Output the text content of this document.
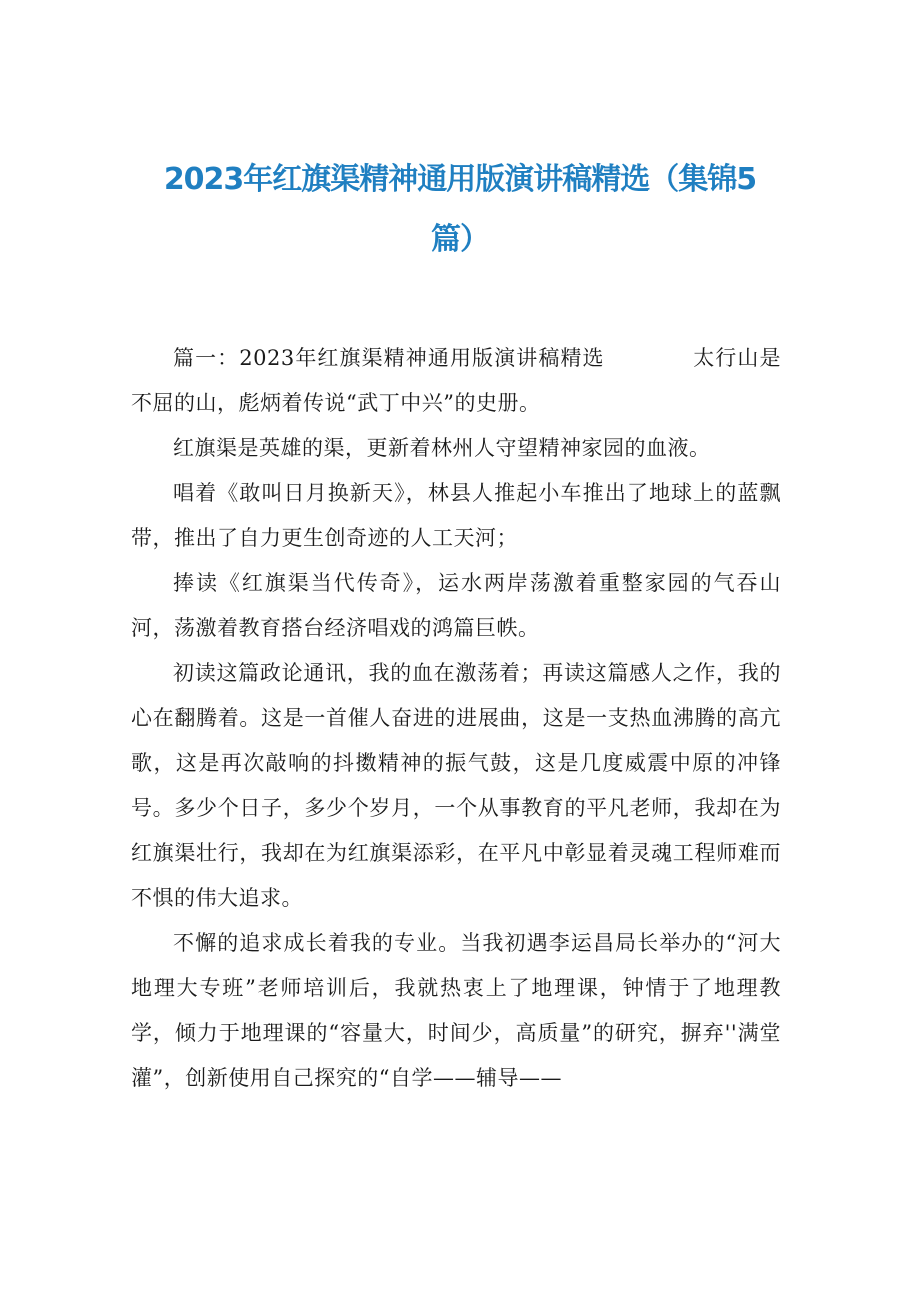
2023年红旗渠精神通用版演讲稿精选（集锦5
篇）

篇一：2023年红旗渠精神通用版演讲稿精选	太行山是不屈的山，彪炳着传说“武丁中兴”的史册。

红旗渠是英雄的渠，更新着林州人守望精神家园的血液。

唱着《敢叫日月换新天》，林县人推起小车推出了地球上的蓝飘带，推出了自力更生创奇迹的人工天河；

捧读《红旗渠当代传奇》，运水两岸荡激着重整家园的气吞山河，荡激着教育搭台经济唱戏的鸿篇巨帙。

初读这篇政论通讯，我的血在激荡着；再读这篇感人之作，我的心在翻腾着。这是一首催人奋进的进展曲，这是一支热血沸腾的高亢歌，这是再次敲响的抖擞精神的振气鼓，这是几度威震中原的冲锋号。多少个日子，多少个岁月，一个从事教育的平凡老师，我却在为红旗渠壮行，我却在为红旗渠添彩，在平凡中彰显着灵魂工程师难而不惧的伟大追求。

不懈的追求成长着我的专业。当我初遇李运昌局长举办的“河大地理大专班”老师培训后，我就热衷上了地理课，钟情于了地理教学，倾力于地理课的“容量大，时间少，高质量”的研究，摒弃''满堂灌”，创新使用自己探究的“自学——辅导——
